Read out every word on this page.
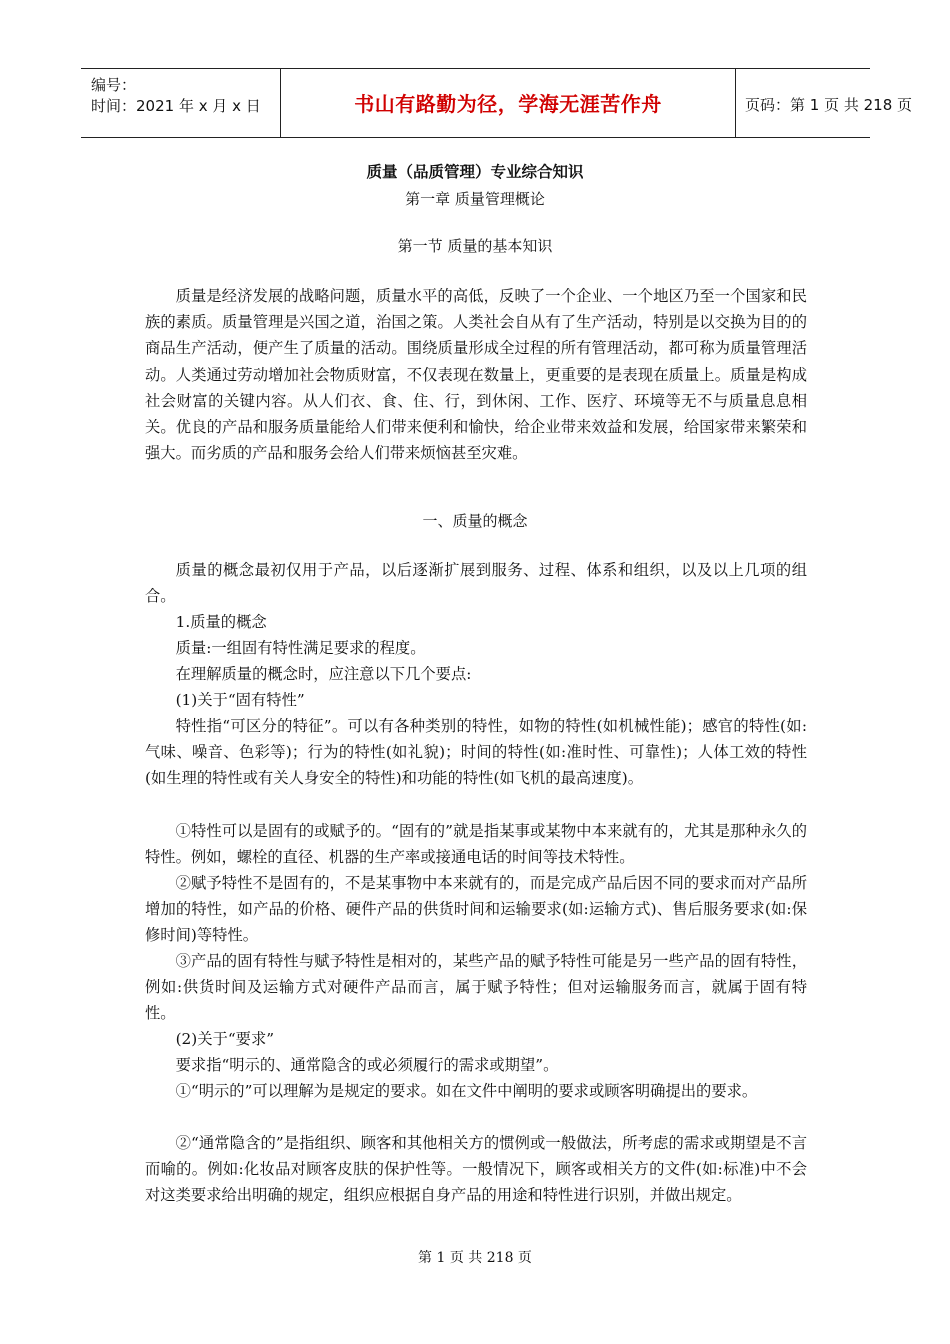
编号：
时间：2021 年 x 月 x 日	书山有路勤为径，学海无涯苦作舟	页码：第 1 页 共 218 页
质量（品质管理）专业综合知识
第一章 质量管理概论
第一节 质量的基本知识

质量是经济发展的战略问题，质量水平的高低，反映了一个企业、一个地区乃至一个国家和民族的素质。质量管理是兴国之道，治国之策。人类社会自从有了生产活动，特别是以交换为目的的商品生产活动，便产生了质量的活动。围绕质量形成全过程的所有管理活动，都可称为质量管理活动。人类通过劳动增加社会物质财富，不仅表现在数量上，更重要的是表现在质量上。质量是构成社会财富的关键内容。从人们衣、食、住、行，到休闲、工作、医疗、环境等无不与质量息息相关。优良的产品和服务质量能给人们带来便利和愉快，给企业带来效益和发展，给国家带来繁荣和强大。而劣质的产品和服务会给人们带来烦恼甚至灾难。

一、质量的概念

质量的概念最初仅用于产品，以后逐渐扩展到服务、过程、体系和组织，以及以上几项的组合。

1.质量的概念

质量:一组固有特性满足要求的程度。

在理解质量的概念时，应注意以下几个要点:

(1)关于“固有特性”

特性指“可区分的特征”。可以有各种类别的特性，如物的特性(如机械性能)；感官的特性(如:气味、噪音、色彩等)；行为的特性(如礼貌)；时间的特性(如:准时性、可靠性)；人体工效的特性(如生理的特性或有关人身安全的特性)和功能的特性(如飞机的最高速度)。

①特性可以是固有的或赋予的。“固有的”就是指某事或某物中本来就有的，尤其是那种永久的特性。例如，螺栓的直径、机器的生产率或接通电话的时间等技术特性。

②赋予特性不是固有的，不是某事物中本来就有的，而是完成产品后因不同的要求而对产品所增加的特性，如产品的价格、硬件产品的供货时间和运输要求(如:运输方式)、售后服务要求(如:保修时间)等特性。

③产品的固有特性与赋予特性是相对的，某些产品的赋予特性可能是另一些产品的固有特性，例如:供货时间及运输方式对硬件产品而言，属于赋予特性；但对运输服务而言，就属于固有特性。

(2)关于“要求”

要求指“明示的、通常隐含的或必须履行的需求或期望”。

①“明示的”可以理解为是规定的要求。如在文件中阐明的要求或顾客明确提出的要求。

②“通常隐含的”是指组织、顾客和其他相关方的惯例或一般做法，所考虑的需求或期望是不言而喻的。例如:化妆品对顾客皮肤的保护性等。一般情况下，顾客或相关方的文件(如:标准)中不会对这类要求给出明确的规定，组织应根据自身产品的用途和特性进行识别，并做出规定。

第 1 页 共 218 页
